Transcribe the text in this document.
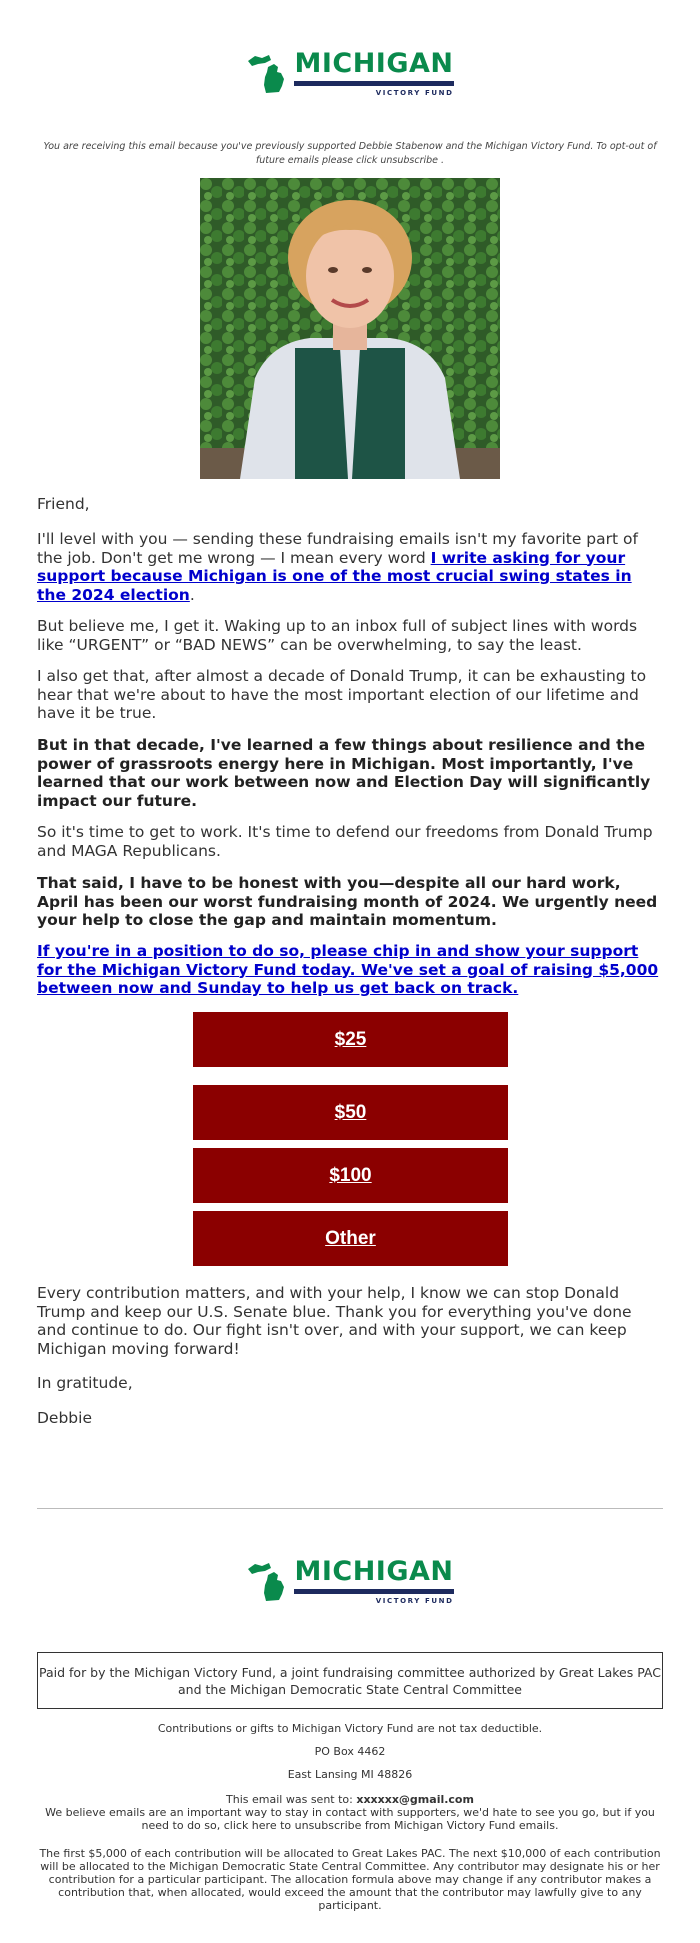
MICHIGAN
VICTORY FUND
You are receiving this email because you've previously supported Debbie Stabenow and the Michigan Victory Fund. To opt-out of future emails please click unsubscribe .
Friend,
I'll level with you — sending these fundraising emails isn't my favorite part of the job. Don't get me wrong — I mean every word I write asking for your support because Michigan is one of the most crucial swing states in the 2024 election.
But believe me, I get it. Waking up to an inbox full of subject lines with words like “URGENT” or “BAD NEWS” can be overwhelming, to say the least.
I also get that, after almost a decade of Donald Trump, it can be exhausting to hear that we're about to have the most important election of our lifetime and have it be true.
But in that decade, I've learned a few things about resilience and the power of grassroots energy here in Michigan. Most importantly, I've learned that our work between now and Election Day will significantly impact our future.
So it's time to get to work. It's time to defend our freedoms from Donald Trump and MAGA Republicans.
That said, I have to be honest with you—despite all our hard work, April has been our worst fundraising month of 2024. We urgently need your help to close the gap and maintain momentum.
If you're in a position to do so, please chip in and show your support for the Michigan Victory Fund today. We've set a goal of raising $5,000 between now and Sunday to help us get back on track.
$25
$50
$100
Other
Every contribution matters, and with your help, I know we can stop Donald Trump and keep our U.S. Senate blue. Thank you for everything you've done and continue to do. Our fight isn't over, and with your support, we can keep Michigan moving forward!
In gratitude,
Debbie
MICHIGAN
VICTORY FUND
Paid for by the Michigan Victory Fund, a joint fundraising committee authorized by Great Lakes PAC and the Michigan Democratic State Central Committee
Contributions or gifts to Michigan Victory Fund are not tax deductible.
PO Box 4462
East Lansing MI 48826
This email was sent to: xxxxxx@gmail.com
We believe emails are an important way to stay in contact with supporters, we'd hate to see you go, but if you need to do so, click here to unsubscribe from Michigan Victory Fund emails.
The first $5,000 of each contribution will be allocated to Great Lakes PAC. The next $10,000 of each contribution will be allocated to the Michigan Democratic State Central Committee. Any contributor may designate his or her contribution for a particular participant. The allocation formula above may change if any contributor makes a contribution that, when allocated, would exceed the amount that the contributor may lawfully give to any participant.
